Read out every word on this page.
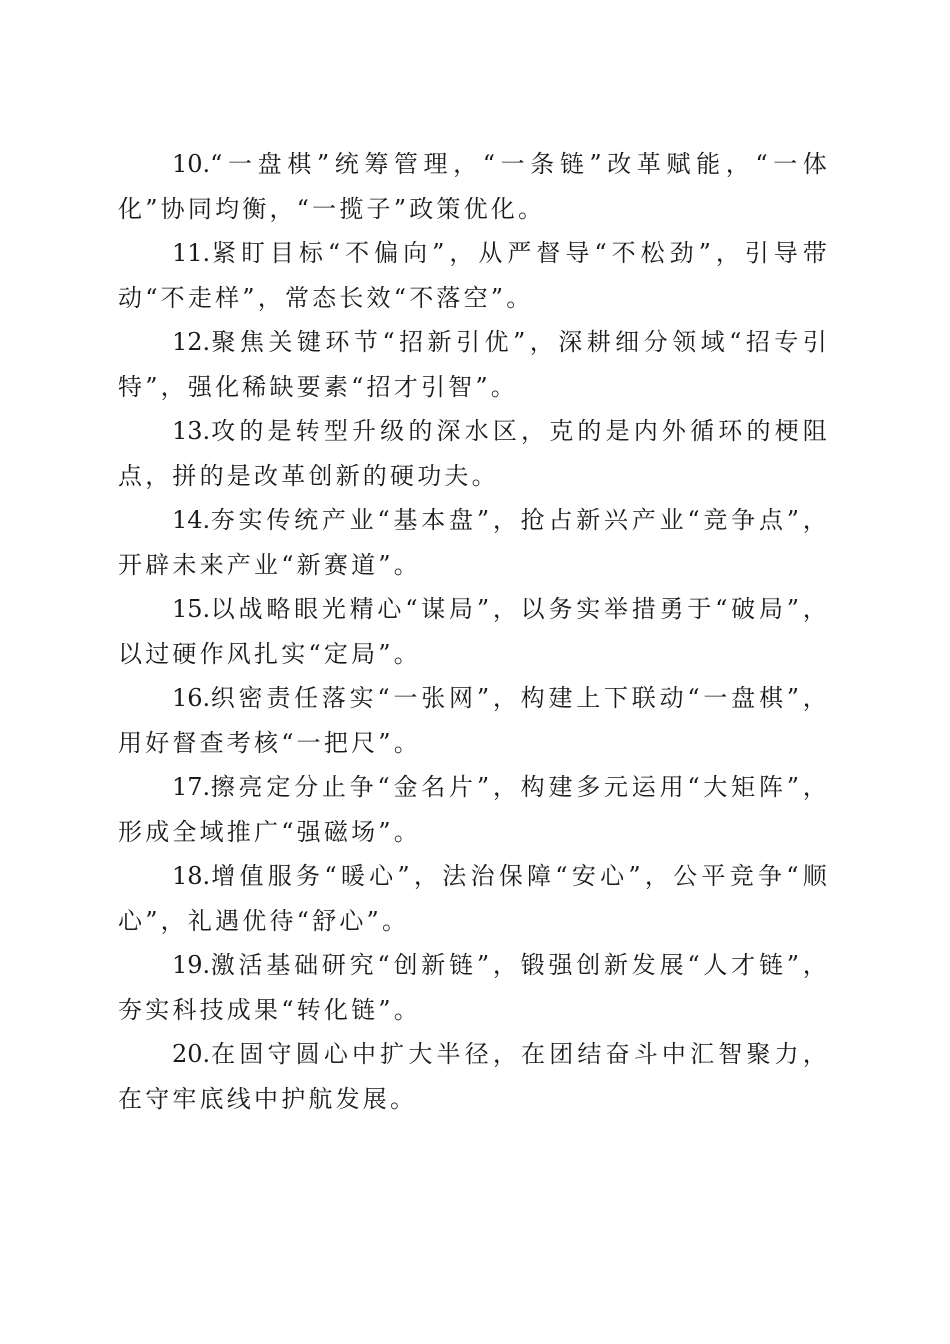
10.“一盘棋”统筹管理，“一条链”改革赋能，“一体化”协同均衡，“一揽子”政策优化。

11.紧盯目标“不偏向”，从严督导“不松劲”，引导带动“不走样”，常态长效“不落空”。

12.聚焦关键环节“招新引优”，深耕细分领域“招专引特”，强化稀缺要素“招才引智”。

13.攻的是转型升级的深水区，克的是内外循环的梗阻点，拼的是改革创新的硬功夫。

14.夯实传统产业“基本盘”，抢占新兴产业“竞争点”，开辟未来产业“新赛道”。

15.以战略眼光精心“谋局”，以务实举措勇于“破局”，以过硬作风扎实“定局”。

16.织密责任落实“一张网”，构建上下联动“一盘棋”，用好督查考核“一把尺”。

17.擦亮定分止争“金名片”，构建多元运用“大矩阵”，形成全域推广“强磁场”。

18.增值服务“暖心”，法治保障“安心”，公平竞争“顺心”，礼遇优待“舒心”。

19.激活基础研究“创新链”，锻强创新发展“人才链”，夯实科技成果“转化链”。

20.在固守圆心中扩大半径，在团结奋斗中汇智聚力，在守牢底线中护航发展。
